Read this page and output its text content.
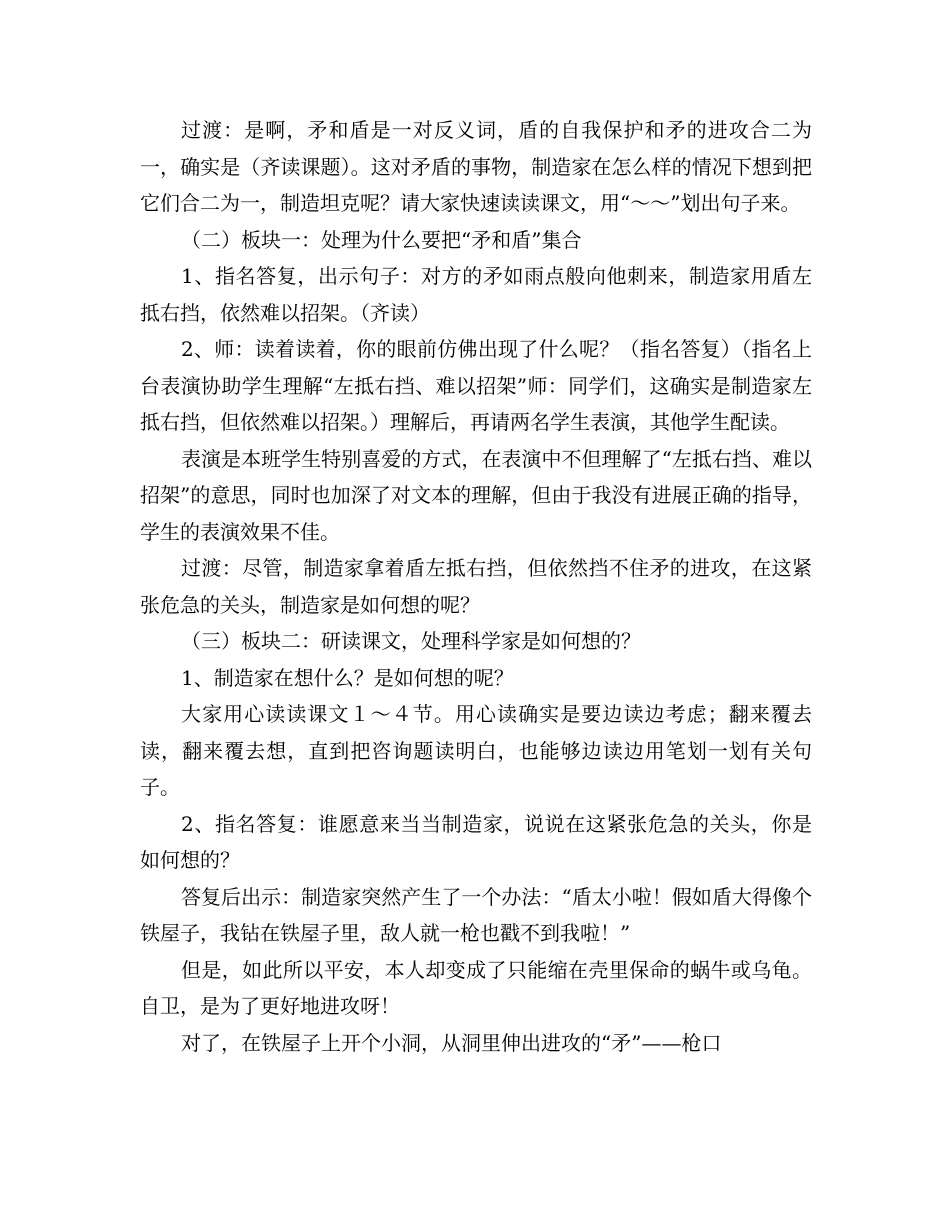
过渡：是啊，矛和盾是一对反义词，盾的自我保护和矛的进攻合二为一，确实是（齐读课题）。这对矛盾的事物，制造家在怎么样的情况下想到把它们合二为一，制造坦克呢？请大家快速读读课文，用“～～”划出句子来。

（二）板块一：处理为什么要把“矛和盾”集合

1、指名答复，出示句子：对方的矛如雨点般向他刺来，制造家用盾左抵右挡，依然难以招架。（齐读）

2、师：读着读着，你的眼前仿佛出现了什么呢？（指名答复）（指名上台表演协助学生理解“左抵右挡、难以招架”师：同学们，这确实是制造家左抵右挡，但依然难以招架。）理解后，再请两名学生表演，其他学生配读。

表演是本班学生特别喜爱的方式，在表演中不但理解了“左抵右挡、难以招架”的意思，同时也加深了对文本的理解，但由于我没有进展正确的指导，学生的表演效果不佳。

过渡：尽管，制造家拿着盾左抵右挡，但依然挡不住矛的进攻，在这紧张危急的关头，制造家是如何想的呢？

（三）板块二：研读课文，处理科学家是如何想的？

1、制造家在想什么？是如何想的呢？

大家用心读读课文１～４节。用心读确实是要边读边考虑；翻来覆去读，翻来覆去想，直到把咨询题读明白，也能够边读边用笔划一划有关句子。

2、指名答复：谁愿意来当当制造家，说说在这紧张危急的关头，你是如何想的？

答复后出示：制造家突然产生了一个办法：“盾太小啦！假如盾大得像个铁屋子，我钻在铁屋子里，敌人就一枪也戳不到我啦！”

但是，如此所以平安，本人却变成了只能缩在壳里保命的蜗牛或乌龟。自卫，是为了更好地进攻呀！

对了，在铁屋子上开个小洞，从洞里伸出进攻的“矛”——枪口
